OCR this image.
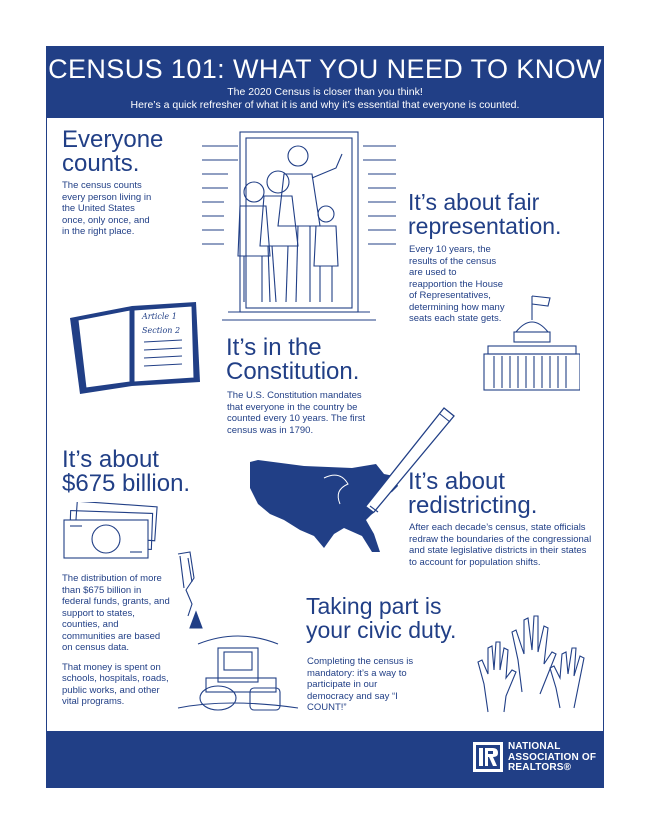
CENSUS 101: WHAT YOU NEED TO KNOW
The 2020 Census is closer than you think!
Here’s a quick refresher of what it is and why it’s essential that everyone is counted.
Everyone
counts.
The census counts every person living in the United States once, only once, and in the right place.
It’s about fair
representation.
Every 10 years, the results of the census are used to reapportion the House of Representatives, determining how many seats each state gets.
Article 1
Section 2
It’s in the
Constitution.
The U.S. Constitution mandates that everyone in the country be counted every 10 years. The first census was in 1790.
It’s about
$675 billion.

The distribution of more than $675 billion in federal funds, grants, and support to states, counties, and communities are based on census data.

That money is spent on schools, hospitals, roads, public works, and other vital programs.

It’s about
redistricting.
After each decade’s census, state officials redraw the boundaries of the congressional and state legislative districts in their states to account for population shifts.
Taking part is
your civic duty.
Completing the census is mandatory: it’s a way to participate in our democracy and say “I COUNT!”
NATIONAL
ASSOCIATION OF
REALTORS®
